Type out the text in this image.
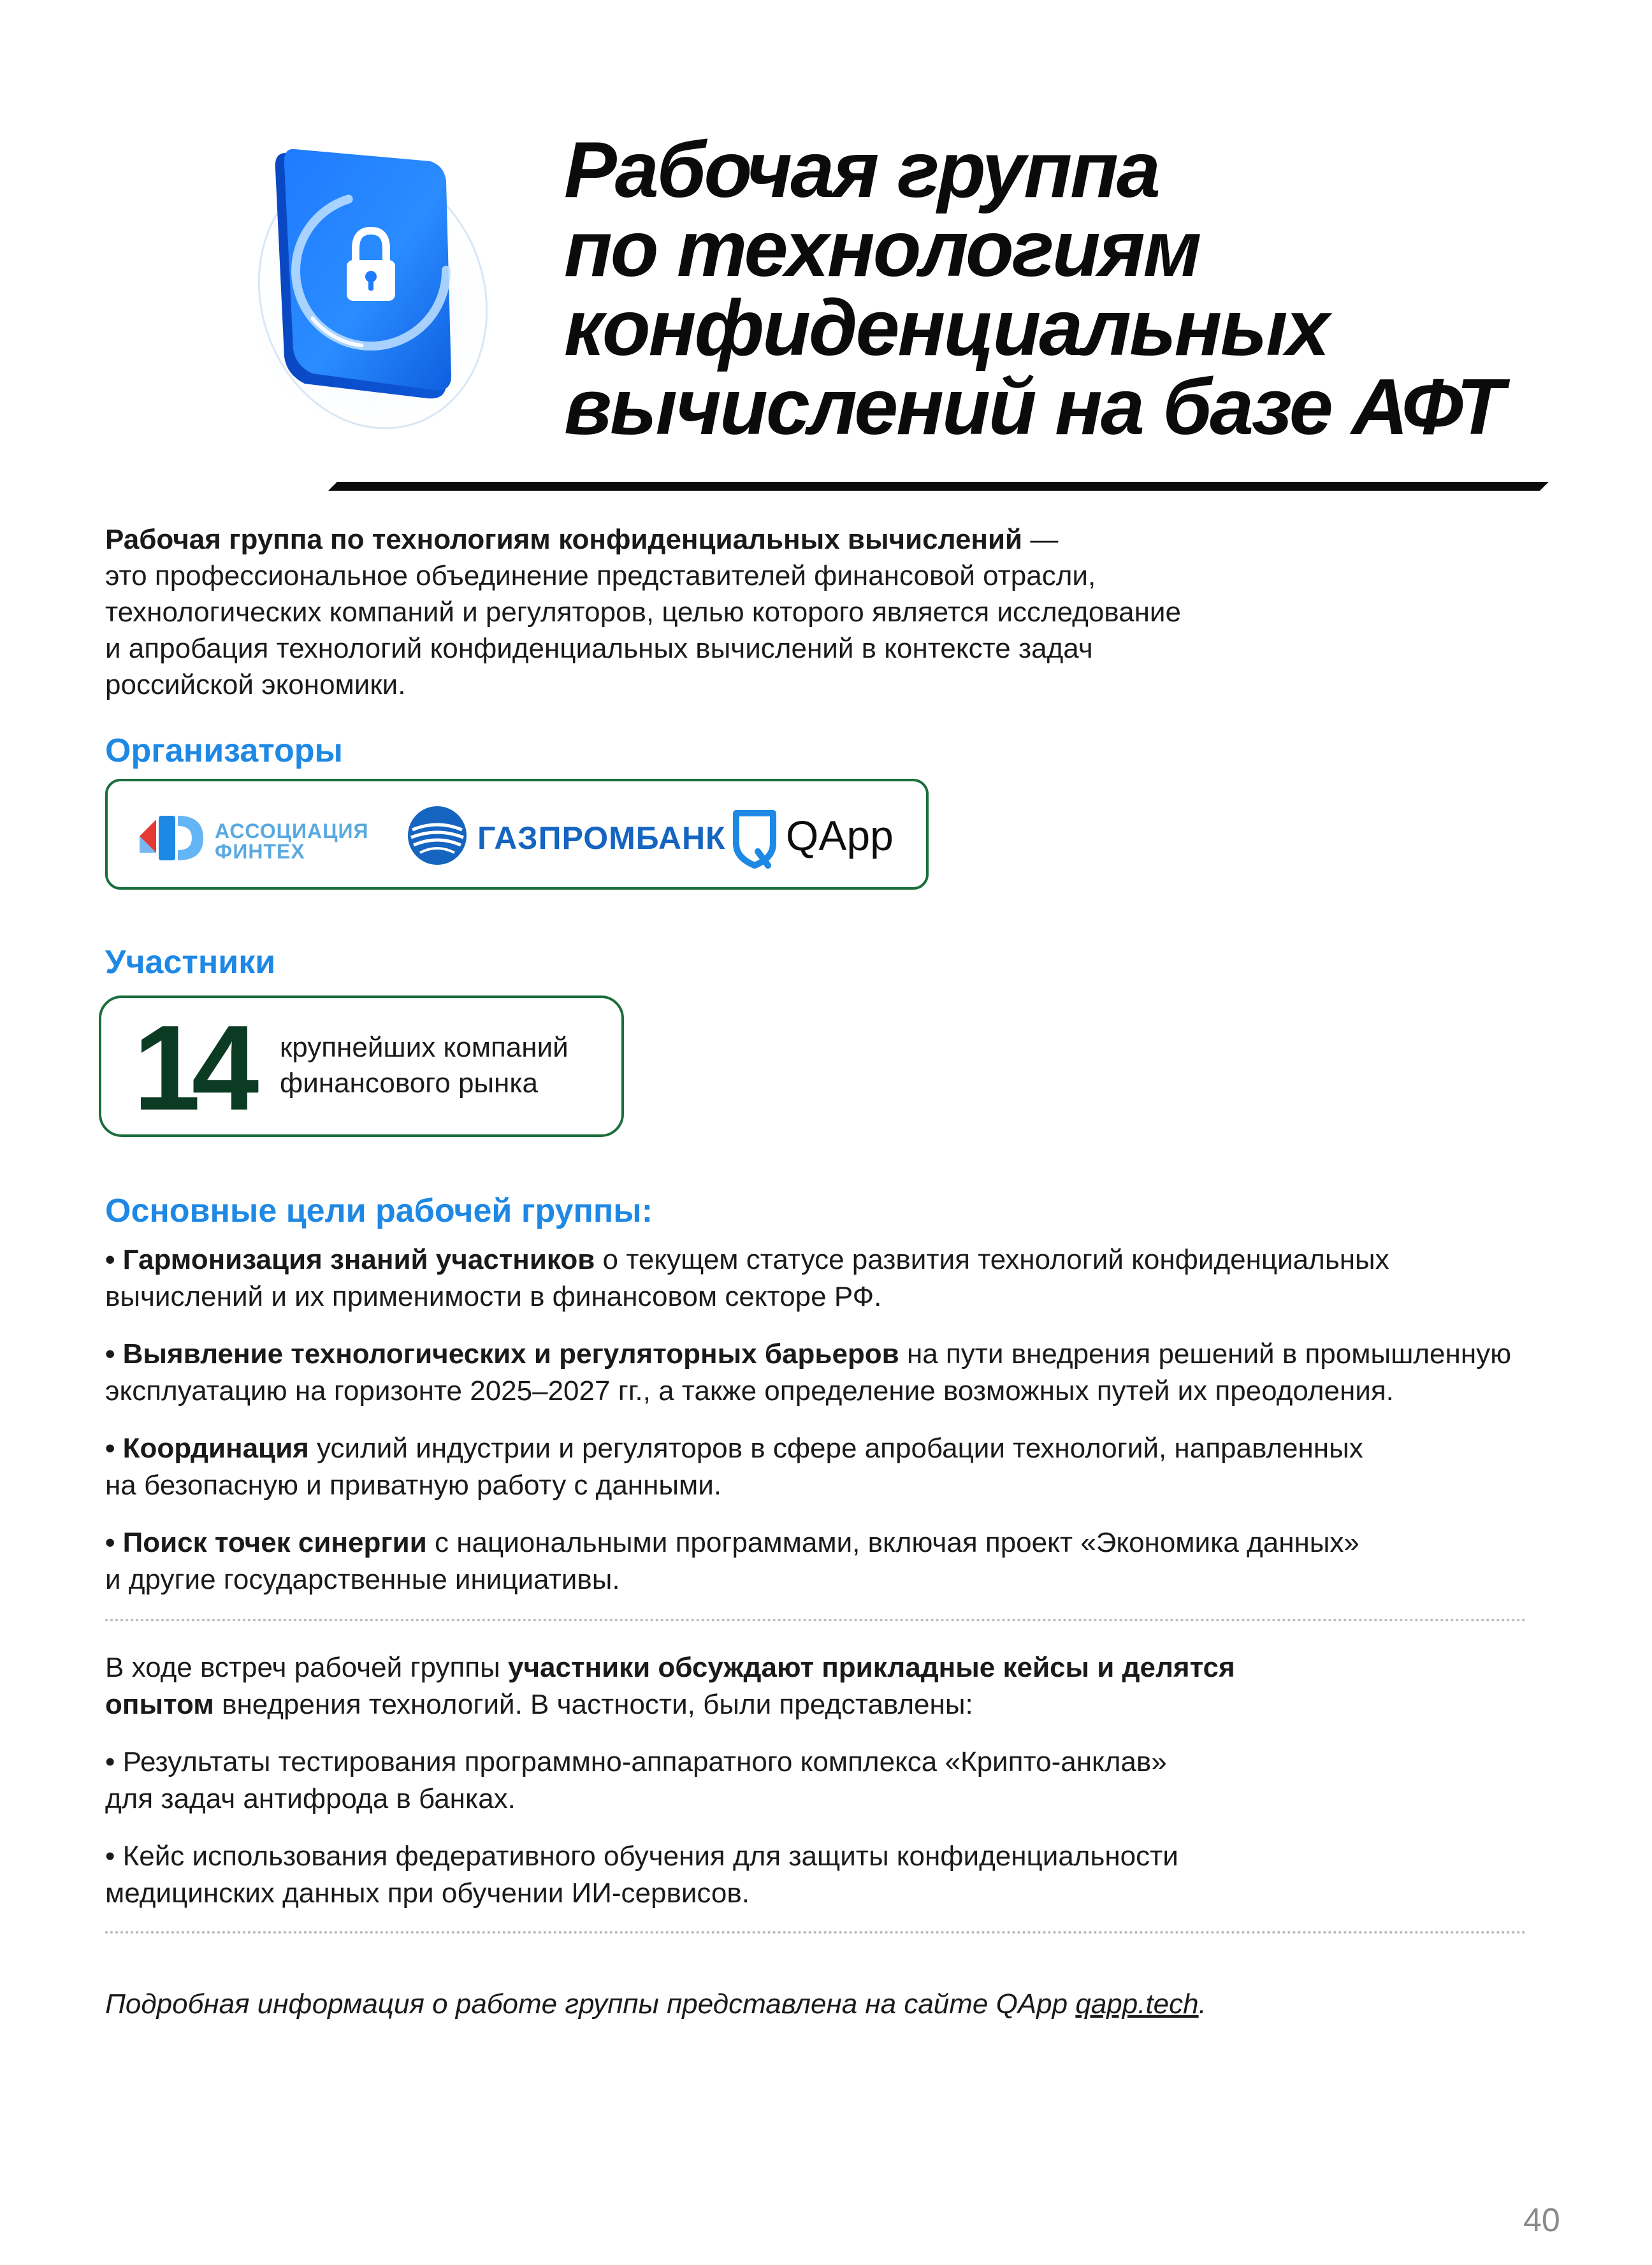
Рабочая группа
по технологиям
конфиденциальных
вычислений на базе АФТ
Рабочая группа по технологиям конфиденциальных вычислений —
это профессиональное объединение представителей финансовой отрасли,
технологических компаний и регуляторов, целью которого является исследование
и апробация технологий конфиденциальных вычислений в контексте задач
российской экономики.
Организаторы
АССОЦИАЦИЯ
ФИНТЕХ	ГАЗПРОМБАНК QApp
Участники
14 крупнейших компаний
финансового рынка
Основные цели рабочей группы:
• Гармонизация знаний участников о текущем статусе развития технологий конфиденциальных
вычислений и их применимости в финансовом секторе РФ.
• Выявление технологических и регуляторных барьеров на пути внедрения решений в промышленную
эксплуатацию на горизонте 2025–2027 гг., а также определение возможных путей их преодоления.
• Координация усилий индустрии и регуляторов в сфере апробации технологий, направленных
на безопасную и приватную работу с данными.
• Поиск точек синергии с национальными программами, включая проект «Экономика данных»
и другие государственные инициативы.
В ходе встреч рабочей группы участники обсуждают прикладные кейсы и делятся
опытом внедрения технологий. В частности, были представлены:
• Результаты тестирования программно-аппаратного комплекса «Крипто-анклав»
для задач антифрода в банках.
• Кейс использования федеративного обучения для защиты конфиденциальности
медицинских данных при обучении ИИ-сервисов.
Подробная информация о работе группы представлена на сайте QApp qapp.tech.
40
